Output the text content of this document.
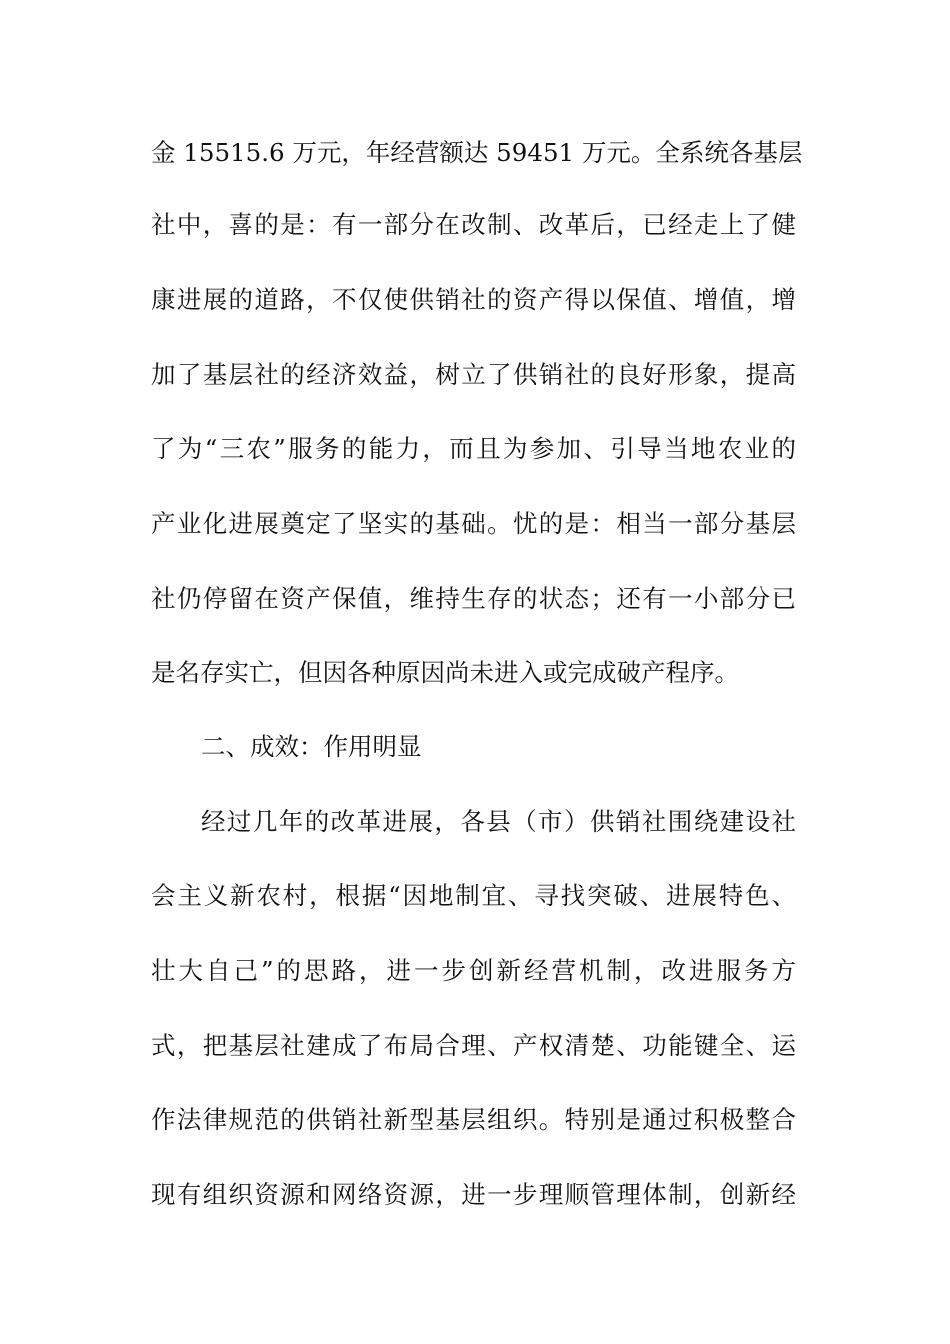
金 15515.6 万元，年经营额达 59451 万元。全系统各基层
社中，喜的是：有一部分在改制、改革后，已经走上了健
康进展的道路，不仅使供销社的资产得以保值、增值，增
加了基层社的经济效益，树立了供销社的良好形象，提高
了为“三农”服务的能力，而且为参加、引导当地农业的
产业化进展奠定了坚实的基础。忧的是：相当一部分基层
社仍停留在资产保值，维持生存的状态；还有一小部分已
是名存实亡，但因各种原因尚未进入或完成破产程序。
二、成效：作用明显
经过几年的改革进展，各县（市）供销社围绕建设社
会主义新农村，根据“因地制宜、寻找突破、进展特色、
壮大自己”的思路，进一步创新经营机制，改进服务方
式，把基层社建成了布局合理、产权清楚、功能键全、运
作法律规范的供销社新型基层组织。特别是通过积极整合
现有组织资源和网络资源，进一步理顺管理体制，创新经
